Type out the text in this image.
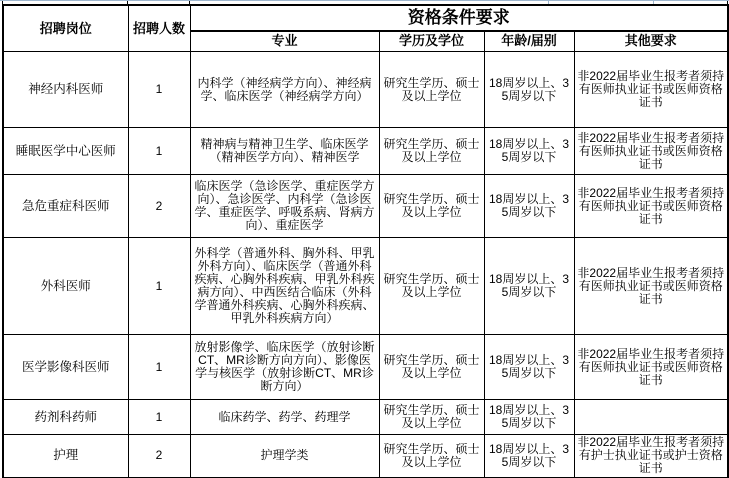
招聘岗位	招聘人数	资格条件要求			
		专业	学历及学位	年龄/届别	其他要求
神经内科医师	1	内科学（神经病学方向）、神经病学、临床医学（神经病学方向）	研究生学历、硕士及以上学位	18周岁以上、35周岁以下	非2022届毕业生报考者须持有医师执业证书或医师资格证书
睡眠医学中心医师	1	精神病与精神卫生学、临床医学（精神医学方向）、精神医学	研究生学历、硕士及以上学位	18周岁以上、35周岁以下	非2022届毕业生报考者须持有医师执业证书或医师资格证书
急危重症科医师	2	临床医学（急诊医学、重症医学方向）、急诊医学、内科学（急诊医学、重症医学、呼吸系病、肾病方向）、重症医学	研究生学历、硕士及以上学位	18周岁以上、35周岁以下	非2022届毕业生报考者须持有医师执业证书或医师资格证书
外科医师	1	外科学（普通外科、胸外科、甲乳外科方向）、临床医学（普通外科疾病、心胸外科疾病、甲乳外科疾病方向）、中西医结合临床（外科学普通外科疾病、心胸外科疾病、甲乳外科疾病方向）	研究生学历、硕士及以上学位	18周岁以上、35周岁以下	非2022届毕业生报考者须持有医师执业证书或医师资格证书
医学影像科医师	1	放射影像学、临床医学（放射诊断CT、MR诊断方向方向）、影像医学与核医学（放射诊断CT、MR诊断方向）	研究生学历、硕士及以上学位	18周岁以上、35周岁以下	非2022届毕业生报考者须持有医师执业证书或医师资格证书
药剂科药师	1	临床药学、药学、药理学	研究生学历、硕士及以上学位	18周岁以上、35周岁以下	
护理	2	护理学类	研究生学历、硕士及以上学位	18周岁以上、35周岁以下	非2022届毕业生报考者须持有护士执业证书或护士资格证书
